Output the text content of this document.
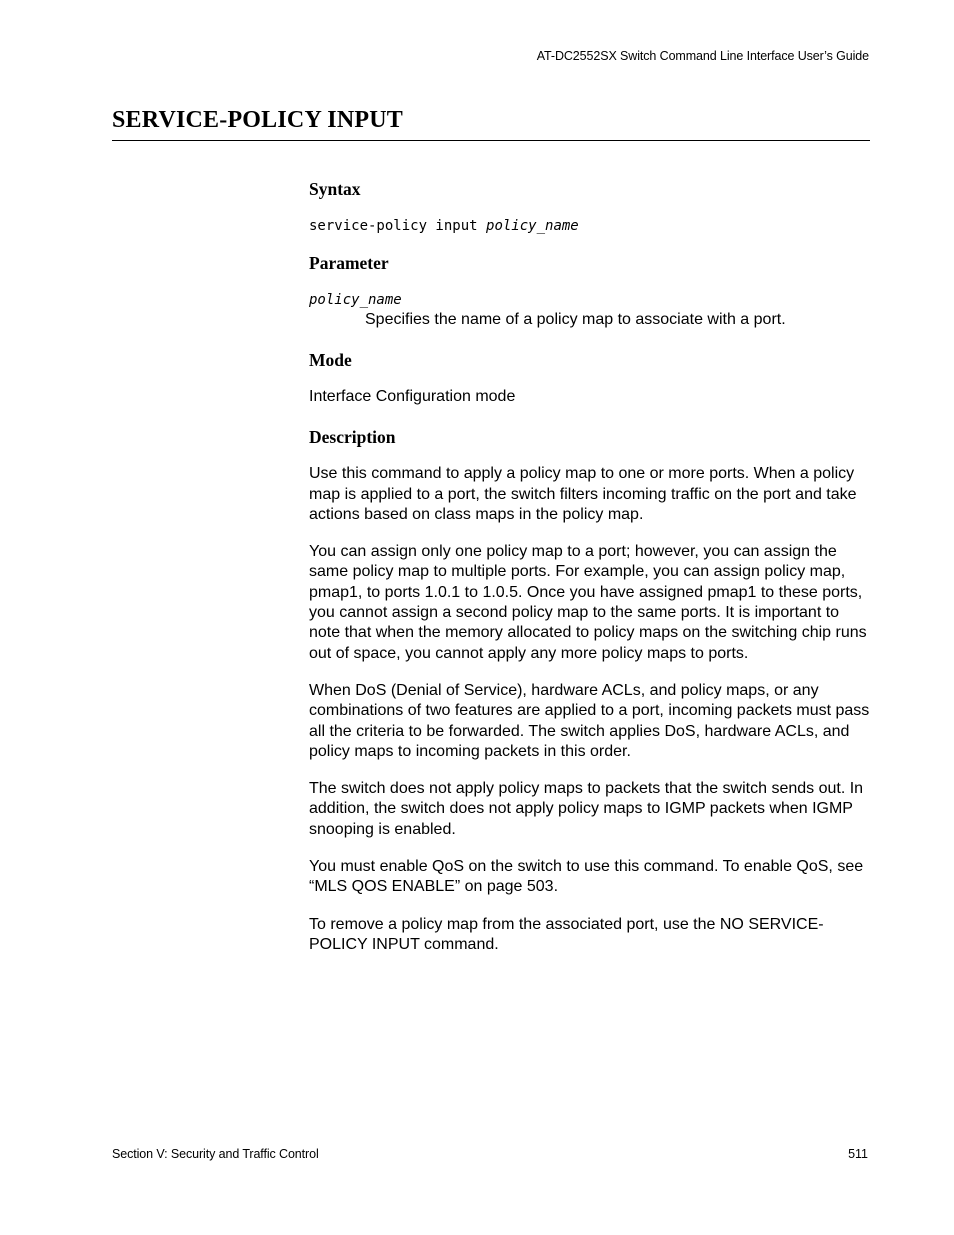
AT-DC2552SX Switch Command Line Interface User’s Guide
SERVICE-POLICY INPUT
Syntax
service-policy input policy_name
Parameter
policy_name
Specifies the name of a policy map to associate with a port.
Mode

Interface Configuration mode

Description

Use this command to apply a policy map to one or more ports. When a policy map is applied to a port, the switch filters incoming traffic on the port and take actions based on class maps in the policy map.

You can assign only one policy map to a port; however, you can assign the same policy map to multiple ports. For example, you can assign policy map, pmap1, to ports 1.0.1 to 1.0.5. Once you have assigned pmap1 to these ports, you cannot assign a second policy map to the same ports. It is important to note that when the memory allocated to policy maps on the switching chip runs out of space, you cannot apply any more policy maps to ports.

When DoS (Denial of Service), hardware ACLs, and policy maps, or any combinations of two features are applied to a port, incoming packets must pass all the criteria to be forwarded. The switch applies DoS, hardware ACLs, and policy maps to incoming packets in this order.

The switch does not apply policy maps to packets that the switch sends out. In addition, the switch does not apply policy maps to IGMP packets when IGMP snooping is enabled.

You must enable QoS on the switch to use this command. To enable QoS, see “MLS QOS ENABLE” on page 503.

To remove a policy map from the associated port, use the NO SERVICE-POLICY INPUT command.

Section V: Security and Traffic Control	511
